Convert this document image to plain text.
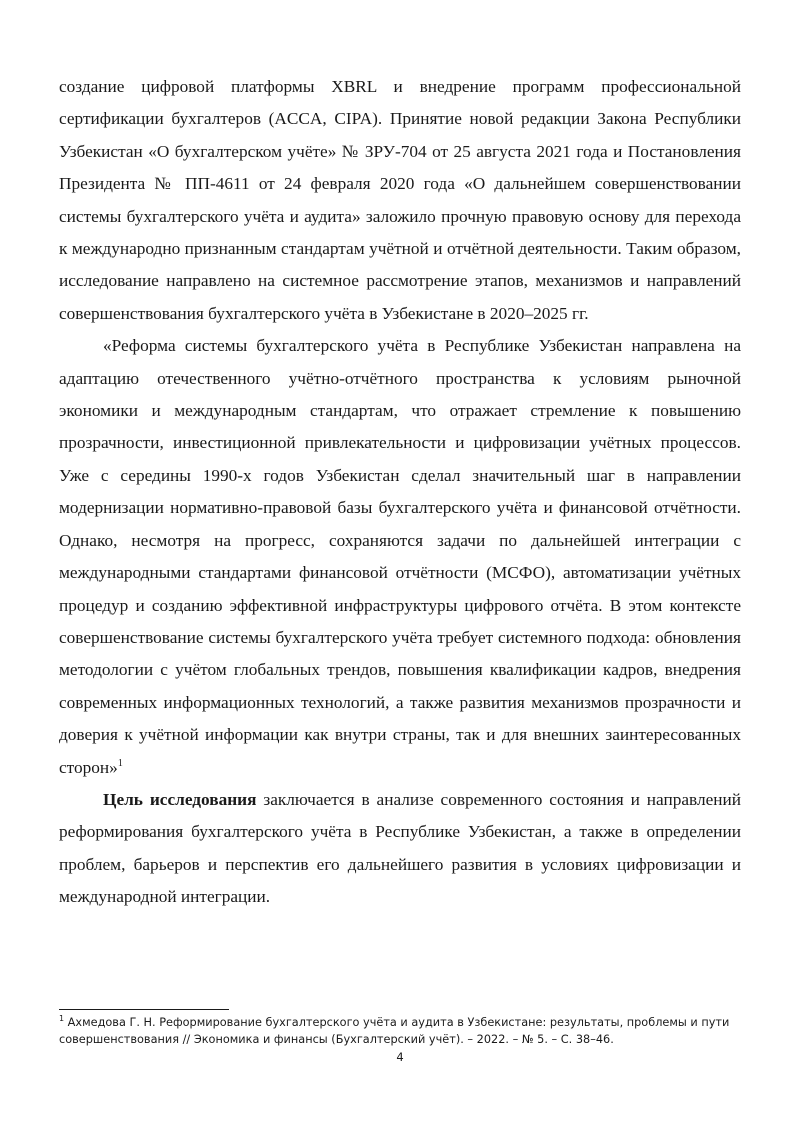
создание цифровой платформы XBRL и внедрение программ профессиональной сертификации бухгалтеров (ACCA, CIPA). Принятие новой редакции Закона Республики Узбекистан «О бухгалтерском учёте» № ЗРУ-704 от 25 августа 2021 года и Постановления Президента № ПП-4611 от 24 февраля 2020 года «О дальнейшем совершенствовании системы бухгалтерского учёта и аудита» заложило прочную правовую основу для перехода к международно признанным стандартам учётной и отчётной деятельности. Таким образом, исследование направлено на системное рассмотрение этапов, механизмов и направлений совершенствования бухгалтерского учёта в Узбекистане в 2020–2025 гг.

«Реформа системы бухгалтерского учёта в Республике Узбекистан направлена на адаптацию отечественного учётно-отчётного пространства к условиям рыночной экономики и международным стандартам, что отражает стремление к повышению прозрачности, инвестиционной привлекательности и цифровизации учётных процессов. Уже с середины 1990-х годов Узбекистан сделал значительный шаг в направлении модернизации нормативно-правовой базы бухгалтерского учёта и финансовой отчётности. Однако, несмотря на прогресс, сохраняются задачи по дальнейшей интеграции с международными стандартами финансовой отчётности (МСФО), автоматизации учётных процедур и созданию эффективной инфраструктуры цифрового отчёта. В этом контексте совершенствование системы бухгалтерского учёта требует системного подхода: обновления методологии с учётом глобальных трендов, повышения квалификации кадров, внедрения современных информационных технологий, а также развития механизмов прозрачности и доверия к учётной информации как внутри страны, так и для внешних заинтересованных сторон»$^1$

Цель исследования заключается в анализе современного состояния и направлений реформирования бухгалтерского учёта в Республике Узбекистан, а также в определении проблем, барьеров и перспектив его дальнейшего развития в условиях цифровизации и международной интеграции.

$^1$ Ахмедова Г. Н. Реформирование бухгалтерского учёта и аудита в Узбекистане: результаты, проблемы и пути совершенствования // Экономика и финансы (Бухгалтерский учёт). – 2022. – № 5. – С. 38–46.

4
